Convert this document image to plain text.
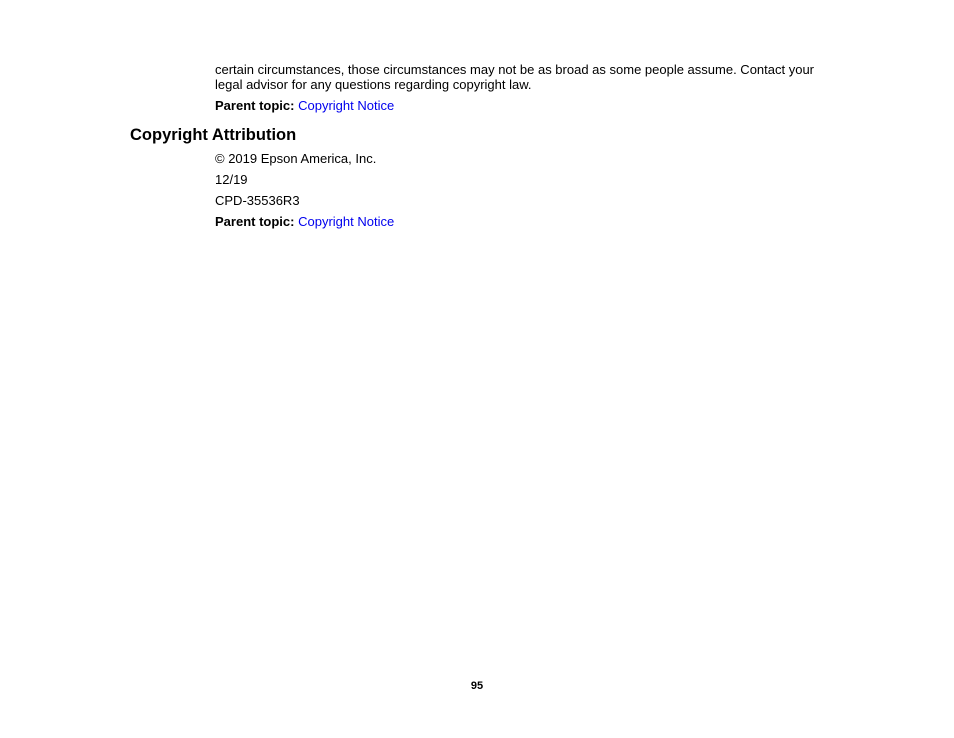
certain circumstances, those circumstances may not be as broad as some people assume. Contact your
legal advisor for any questions regarding copyright law.
Parent topic: Copyright Notice
Copyright Attribution
© 2019 Epson America, Inc.
12/19
CPD-35536R3
Parent topic: Copyright Notice
95
